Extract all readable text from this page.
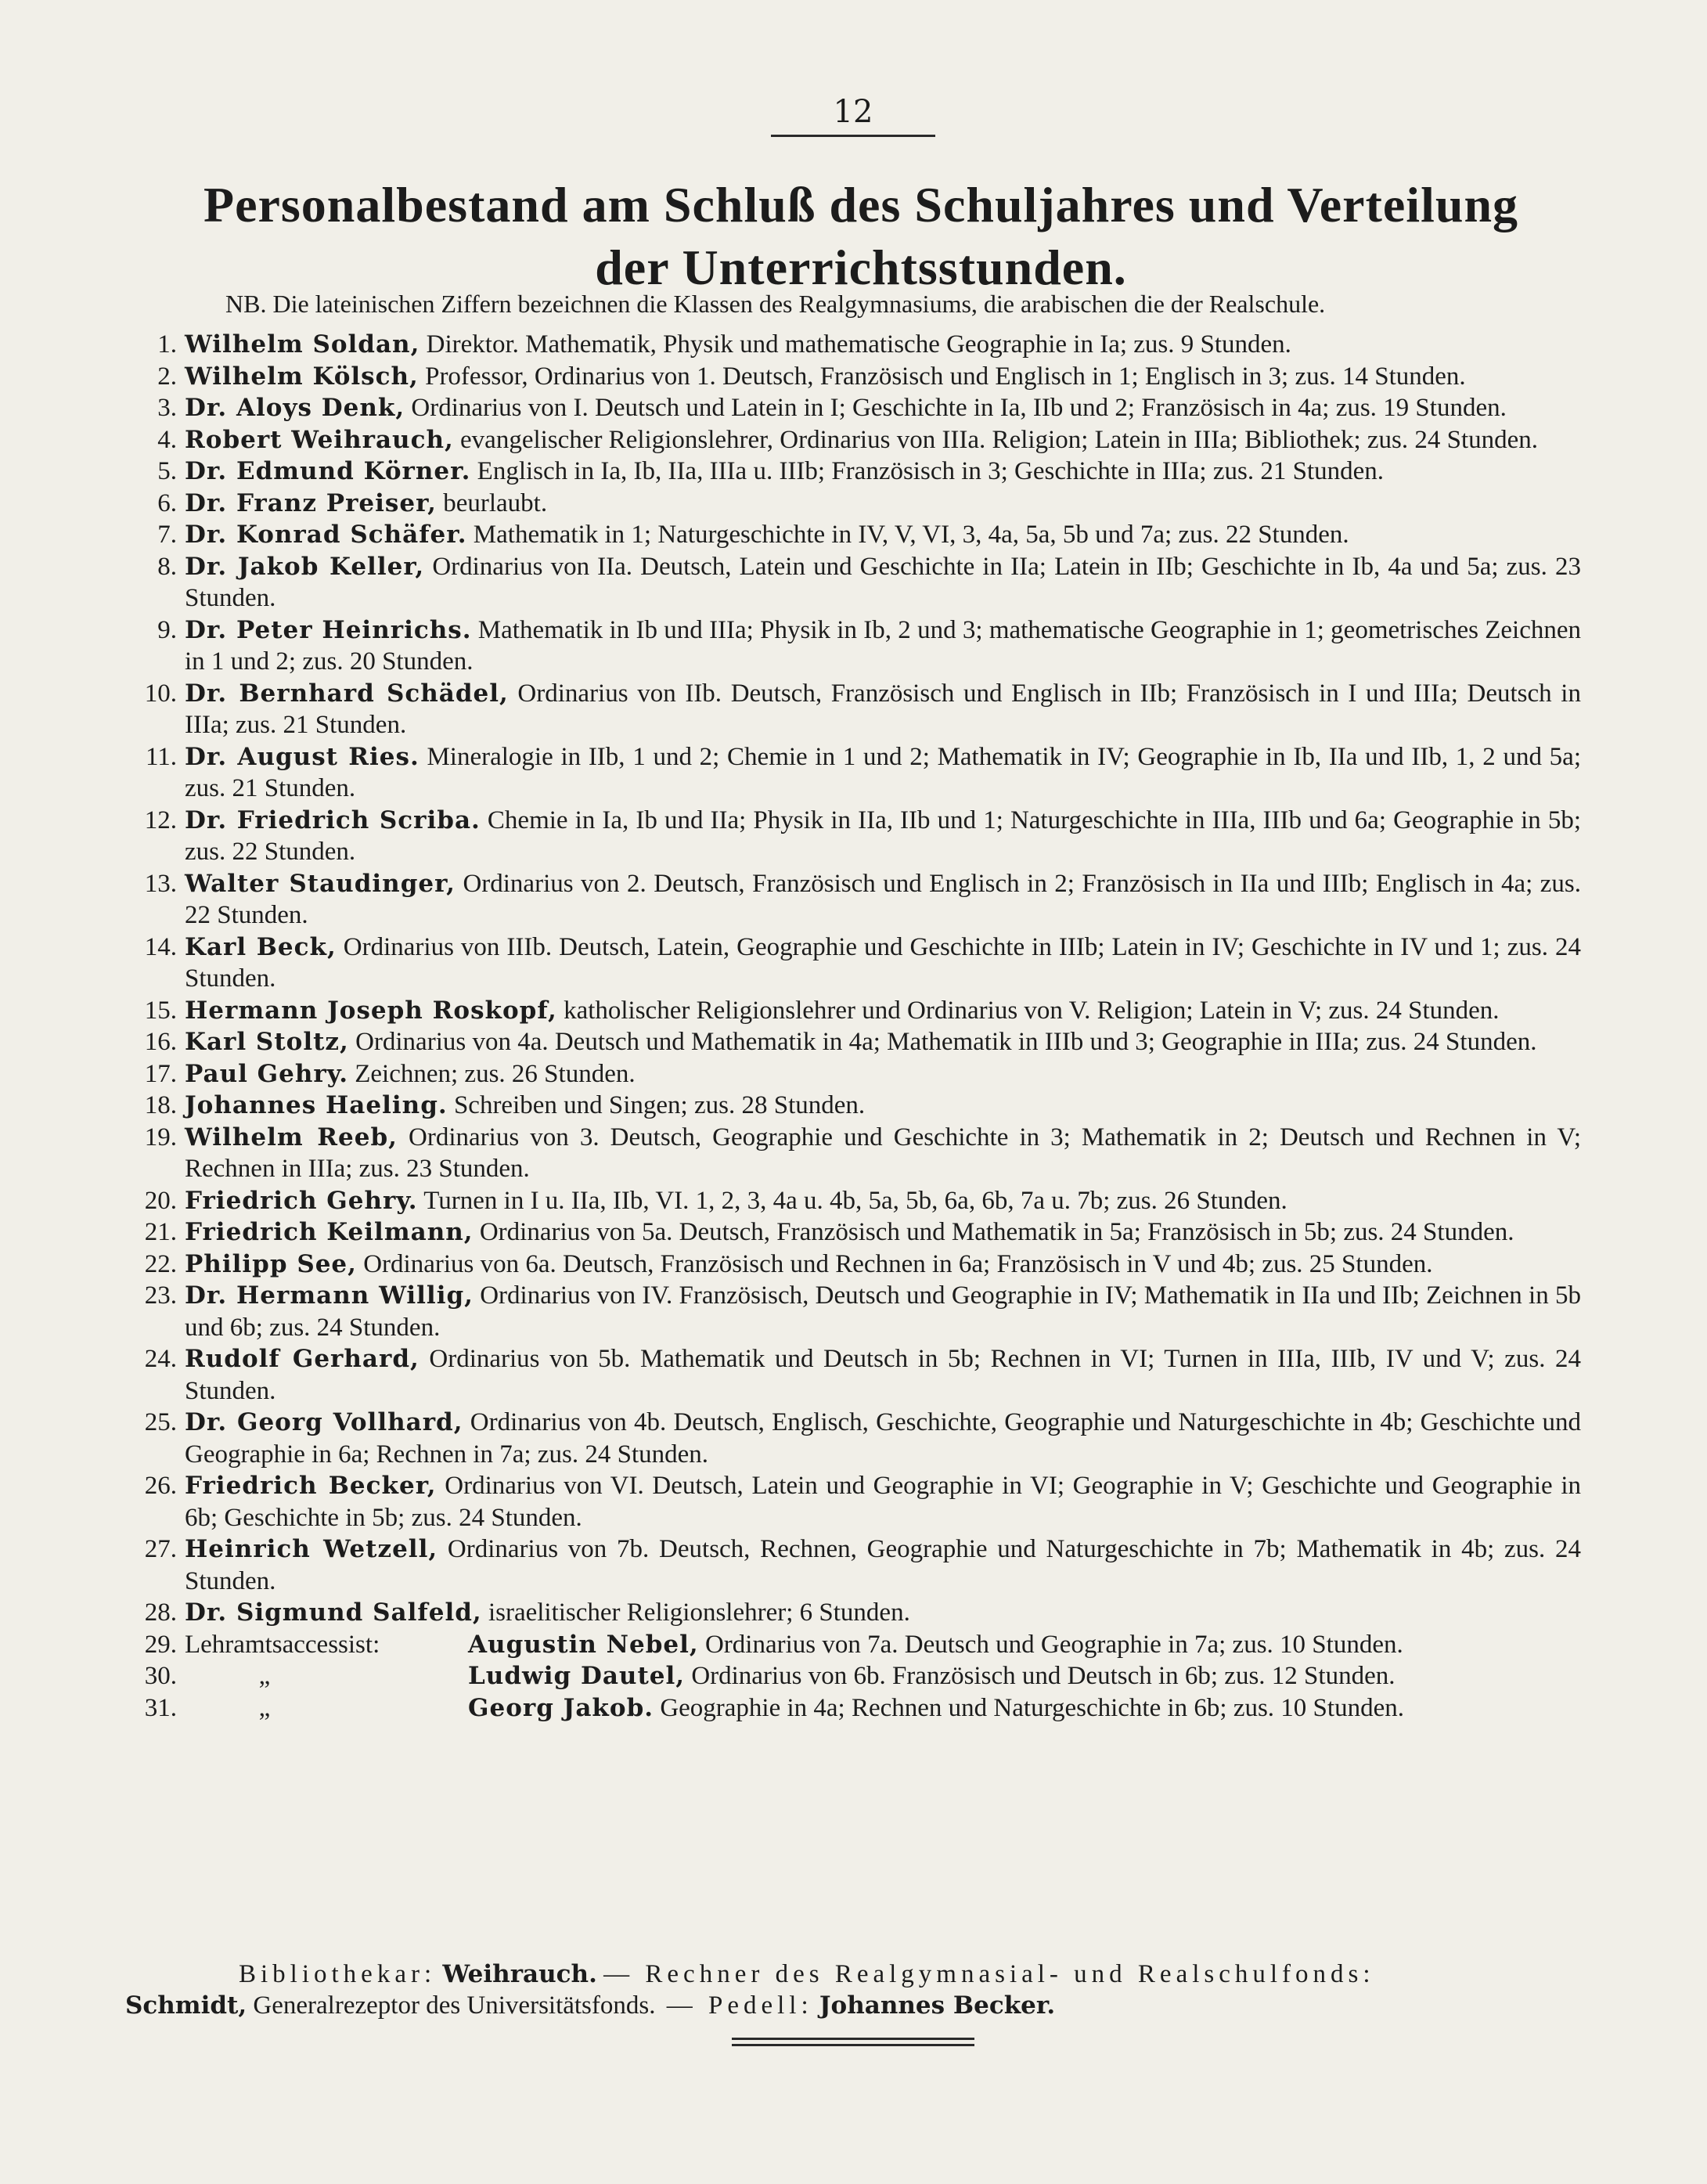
12
Personalbestand am Schluß des Schuljahres und Verteilung der Unterrichtsstunden.
NB. Die lateinischen Ziffern bezeichnen die Klassen des Realgymnasiums, die arabischen die der Realschule.
1. Wilhelm Soldan, Direktor. Mathematik, Physik und mathematische Geographie in Ia; zus. 9 Stunden.
2. Wilhelm Kölsch, Professor, Ordinarius von 1. Deutsch, Französisch und Englisch in 1; Englisch in 3; zus. 14 Stunden.
3. Dr. Aloys Denk, Ordinarius von I. Deutsch und Latein in I; Geschichte in Ia, IIb und 2; Französisch in 4a; zus. 19 Stunden.
4. Robert Weihrauch, evangelischer Religionslehrer, Ordinarius von IIIa. Religion; Latein in IIIa; Bibliothek; zus. 24 Stunden.
5. Dr. Edmund Körner. Englisch in Ia, Ib, IIa, IIIa u. IIIb; Französisch in 3; Geschichte in IIIa; zus. 21 Stunden.
6. Dr. Franz Preiser, beurlaubt.
7. Dr. Konrad Schäfer. Mathematik in 1; Naturgeschichte in IV, V, VI, 3, 4a, 5a, 5b und 7a; zus. 22 Stunden.
8. Dr. Jakob Keller, Ordinarius von IIa. Deutsch, Latein und Geschichte in IIa; Latein in IIb; Geschichte in Ib, 4a und 5a; zus. 23 Stunden.
9. Dr. Peter Heinrichs. Mathematik in Ib und IIIa; Physik in Ib, 2 und 3; mathematische Geographie in 1; geometrisches Zeichnen in 1 und 2; zus. 20 Stunden.
10. Dr. Bernhard Schädel, Ordinarius von IIb. Deutsch, Französisch und Englisch in IIb; Französisch in I und IIIa; Deutsch in IIIa; zus. 21 Stunden.
11. Dr. August Ries. Mineralogie in IIb, 1 und 2; Chemie in 1 und 2; Mathematik in IV; Geographie in Ib, IIa und IIb, 1, 2 und 5a; zus. 21 Stunden.
12. Dr. Friedrich Scriba. Chemie in Ia, Ib und IIa; Physik in IIa, IIb und 1; Naturgeschichte in IIIa, IIIb und 6a; Geographie in 5b; zus. 22 Stunden.
13. Walter Staudinger, Ordinarius von 2. Deutsch, Französisch und Englisch in 2; Französisch in IIa und IIIb; Englisch in 4a; zus. 22 Stunden.
14. Karl Beck, Ordinarius von IIIb. Deutsch, Latein, Geographie und Geschichte in IIIb; Latein in IV; Geschichte in IV und 1; zus. 24 Stunden.
15. Hermann Joseph Roskopf, katholischer Religionslehrer und Ordinarius von V. Religion; Latein in V; zus. 24 Stunden.
16. Karl Stoltz, Ordinarius von 4a. Deutsch und Mathematik in 4a; Mathematik in IIIb und 3; Geographie in IIIa; zus. 24 Stunden.
17. Paul Gehry. Zeichnen; zus. 26 Stunden.
18. Johannes Haeling. Schreiben und Singen; zus. 28 Stunden.
19. Wilhelm Reeb, Ordinarius von 3. Deutsch, Geographie und Geschichte in 3; Mathematik in 2; Deutsch und Rechnen in V; Rechnen in IIIa; zus. 23 Stunden.
20. Friedrich Gehry. Turnen in I u. IIa, IIb, VI. 1, 2, 3, 4a u. 4b, 5a, 5b, 6a, 6b, 7a u. 7b; zus. 26 Stunden.
21. Friedrich Keilmann, Ordinarius von 5a. Deutsch, Französisch und Mathematik in 5a; Französisch in 5b; zus. 24 Stunden.
22. Philipp See, Ordinarius von 6a. Deutsch, Französisch und Rechnen in 6a; Französisch in V und 4b; zus. 25 Stunden.
23. Dr. Hermann Willig, Ordinarius von IV. Französisch, Deutsch und Geographie in IV; Mathematik in IIa und IIb; Zeichnen in 5b und 6b; zus. 24 Stunden.
24. Rudolf Gerhard, Ordinarius von 5b. Mathematik und Deutsch in 5b; Rechnen in VI; Turnen in IIIa, IIIb, IV und V; zus. 24 Stunden.
25. Dr. Georg Vollhard, Ordinarius von 4b. Deutsch, Englisch, Geschichte, Geographie und Naturgeschichte in 4b; Geschichte und Geographie in 6a; Rechnen in 7a; zus. 24 Stunden.
26. Friedrich Becker, Ordinarius von VI. Deutsch, Latein und Geographie in VI; Geographie in V; Geschichte und Geographie in 6b; Geschichte in 5b; zus. 24 Stunden.
27. Heinrich Wetzell, Ordinarius von 7b. Deutsch, Rechnen, Geographie und Naturgeschichte in 7b; Mathematik in 4b; zus. 24 Stunden.
28. Dr. Sigmund Salfeld, israelitischer Religionslehrer; 6 Stunden.
29. Lehramtsaccessist:	Augustin Nebel, Ordinarius von 7a. Deutsch und Geographie in 7a; zus. 10 Stunden.
30.	„	Ludwig Dautel, Ordinarius von 6b. Französisch und Deutsch in 6b; zus. 12 Stunden.
31.	„	Georg Jakob. Geographie in 4a; Rechnen und Naturgeschichte in 6b; zus. 10 Stunden.
Bibliothekar: Weihrauch. — Rechner des Realgymnasial- und Realschulfonds:
Schmidt, Generalrezeptor des Universitätsfonds. — Pedell: Johannes Becker.
